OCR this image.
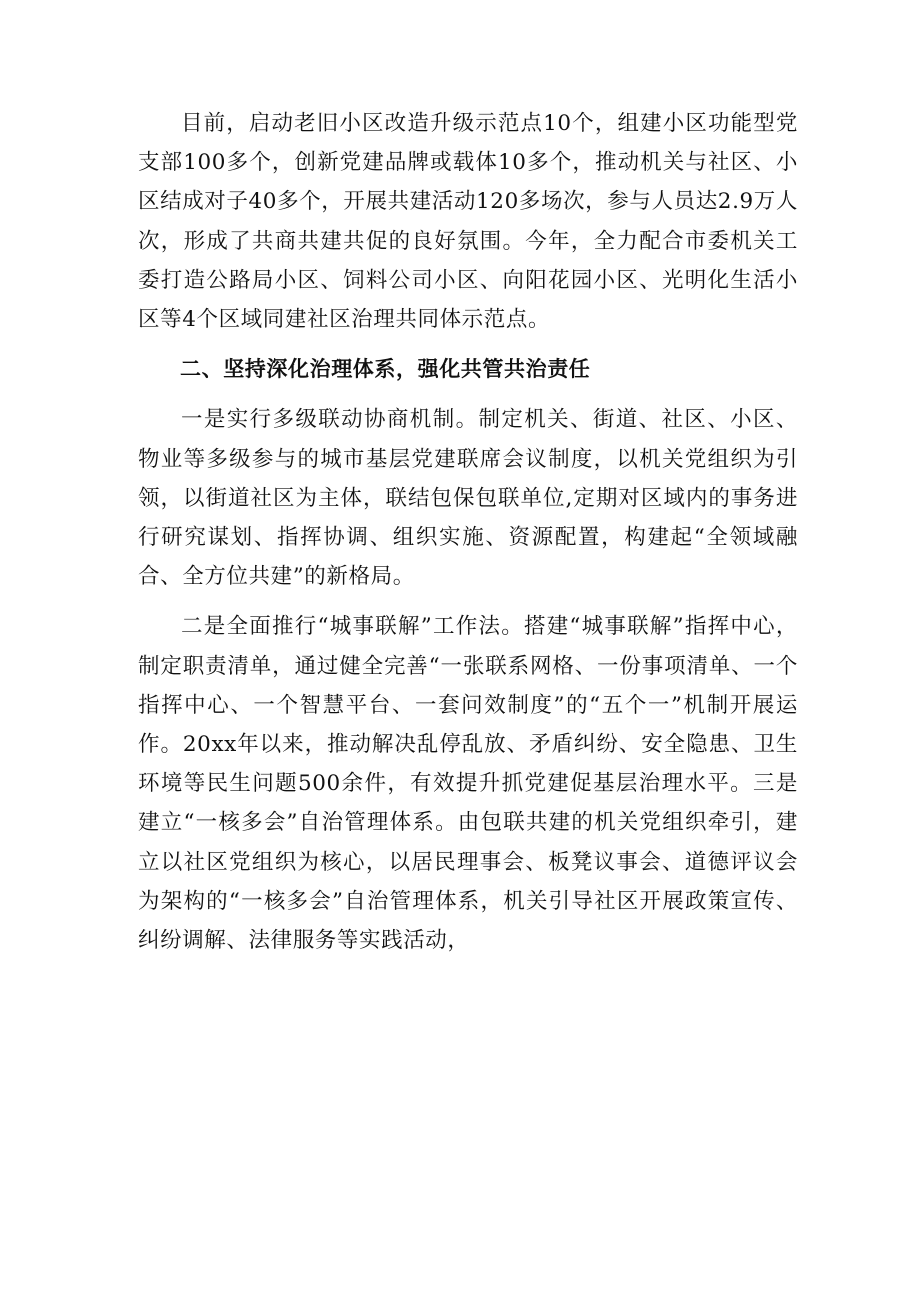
目前，启动老旧小区改造升级示范点10个，组建小区功能型党支部100多个，创新党建品牌或载体10多个，推动机关与社区、小区结成对子40多个，开展共建活动120多场次，参与人员达2.9万人次，形成了共商共建共促的良好氛围。今年，全力配合市委机关工委打造公路局小区、饲料公司小区、向阳花园小区、光明化生活小区等4个区域同建社区治理共同体示范点。

二、坚持深化治理体系，强化共管共治责任

一是实行多级联动协商机制。制定机关、街道、社区、小区、物业等多级参与的城市基层党建联席会议制度，以机关党组织为引领，以街道社区为主体，联结包保包联单位,定期对区域内的事务进行研究谋划、指挥协调、组织实施、资源配置，构建起“全领域融合、全方位共建”的新格局。

二是全面推行“城事联解”工作法。搭建“城事联解”指挥中心，制定职责清单，通过健全完善“一张联系网格、一份事项清单、一个指挥中心、一个智慧平台、一套问效制度”的“五个一”机制开展运作。20xx年以来，推动解决乱停乱放、矛盾纠纷、安全隐患、卫生环境等民生问题500余件，有效提升抓党建促基层治理水平。三是建立“一核多会”自治管理体系。由包联共建的机关党组织牵引，建立以社区党组织为核心，以居民理事会、板凳议事会、道德评议会为架构的“一核多会”自治管理体系，机关引导社区开展政策宣传、纠纷调解、法律服务等实践活动，
